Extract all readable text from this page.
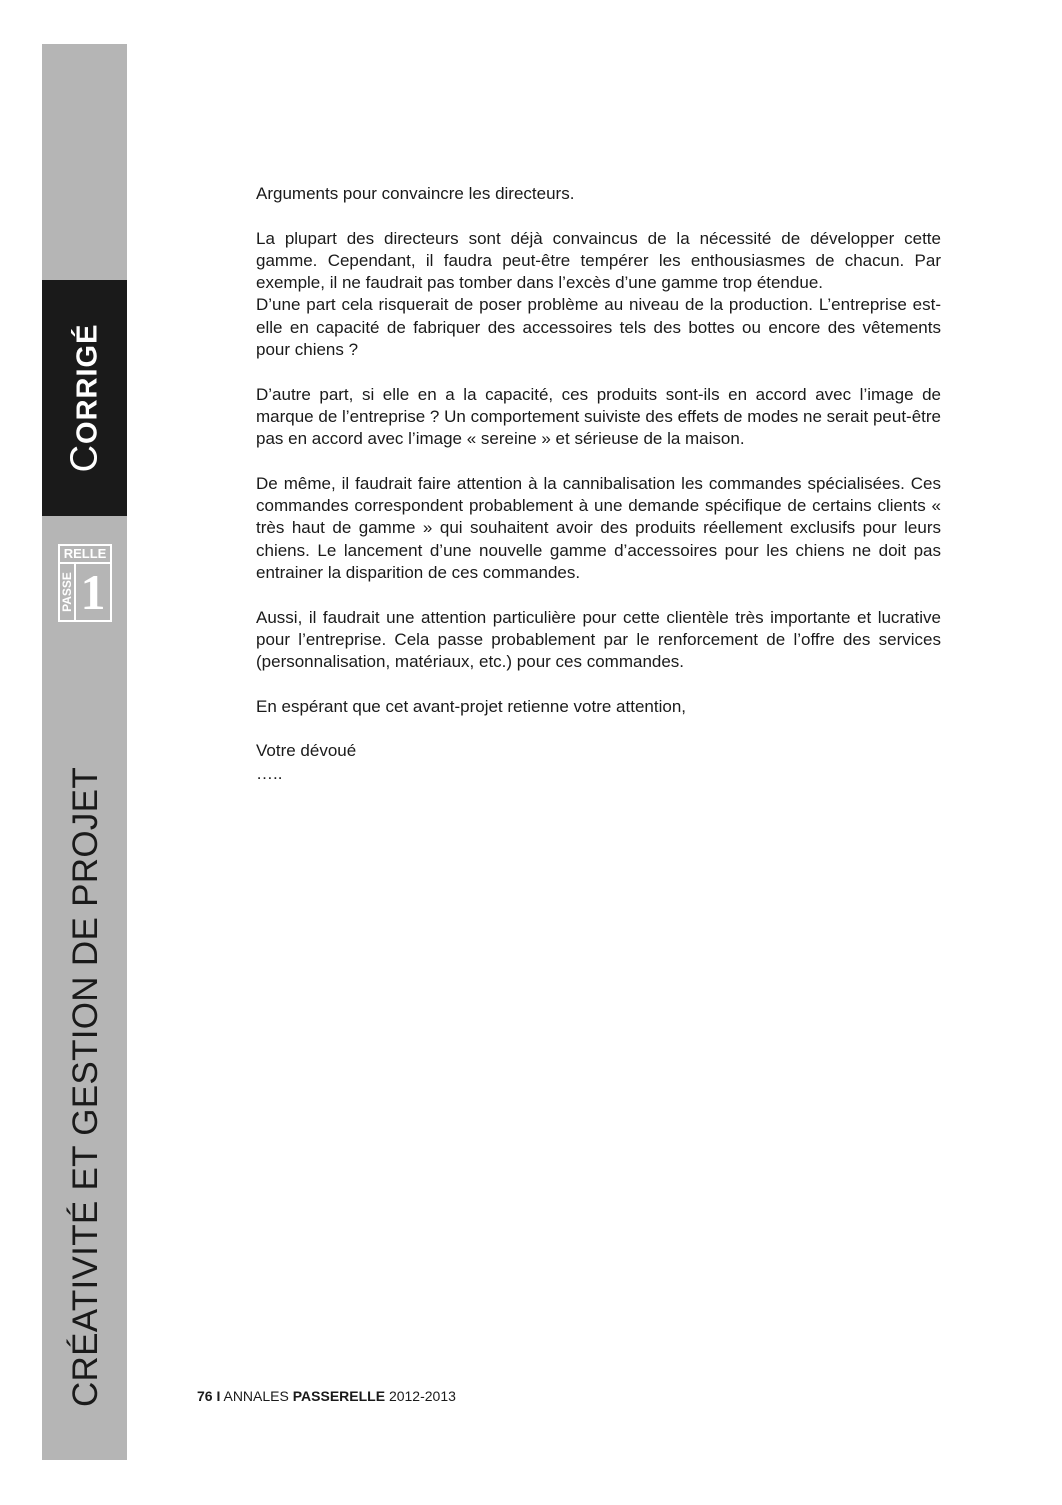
CORRIGÉ
RELLE
PASSE 1
CRÉATIVITÉ ET GESTION DE PROJET

Arguments pour convaincre les directeurs.

La plupart des directeurs sont déjà convaincus de la nécessité de développer cette gamme. Cependant, il faudra peut-être tempérer les enthousiasmes de chacun. Par exemple, il ne faudrait pas tomber dans l’excès d’une gamme trop étendue.

D’une part cela risquerait de poser problème au niveau de la production. L’entreprise est-elle en capacité de fabriquer des accessoires tels des bottes ou encore des vêtements pour chiens ?

D’autre part, si elle en a la capacité, ces produits sont-ils en accord avec l’image de marque de l’entreprise ? Un comportement suiviste des effets de modes ne serait peut-être pas en accord avec l’image « sereine » et sérieuse de la maison.

De même, il faudrait faire attention à la cannibalisation les commandes spécialisées. Ces commandes correspondent probablement à une demande spécifique de certains clients « très haut de gamme » qui souhaitent avoir des produits réellement exclusifs pour leurs chiens. Le lancement d’une nouvelle gamme d’accessoires pour les chiens ne doit pas entrainer la disparition de ces commandes.

Aussi, il faudrait une attention particulière pour cette clientèle très importante et lucrative pour l’entreprise. Cela passe probablement par le renforcement de l’offre des services (personnalisation, matériaux, etc.) pour ces commandes.

En espérant que cet avant-projet retienne votre attention,

Votre dévoué

…..

76 I ANNALES PASSERELLE 2012-2013
